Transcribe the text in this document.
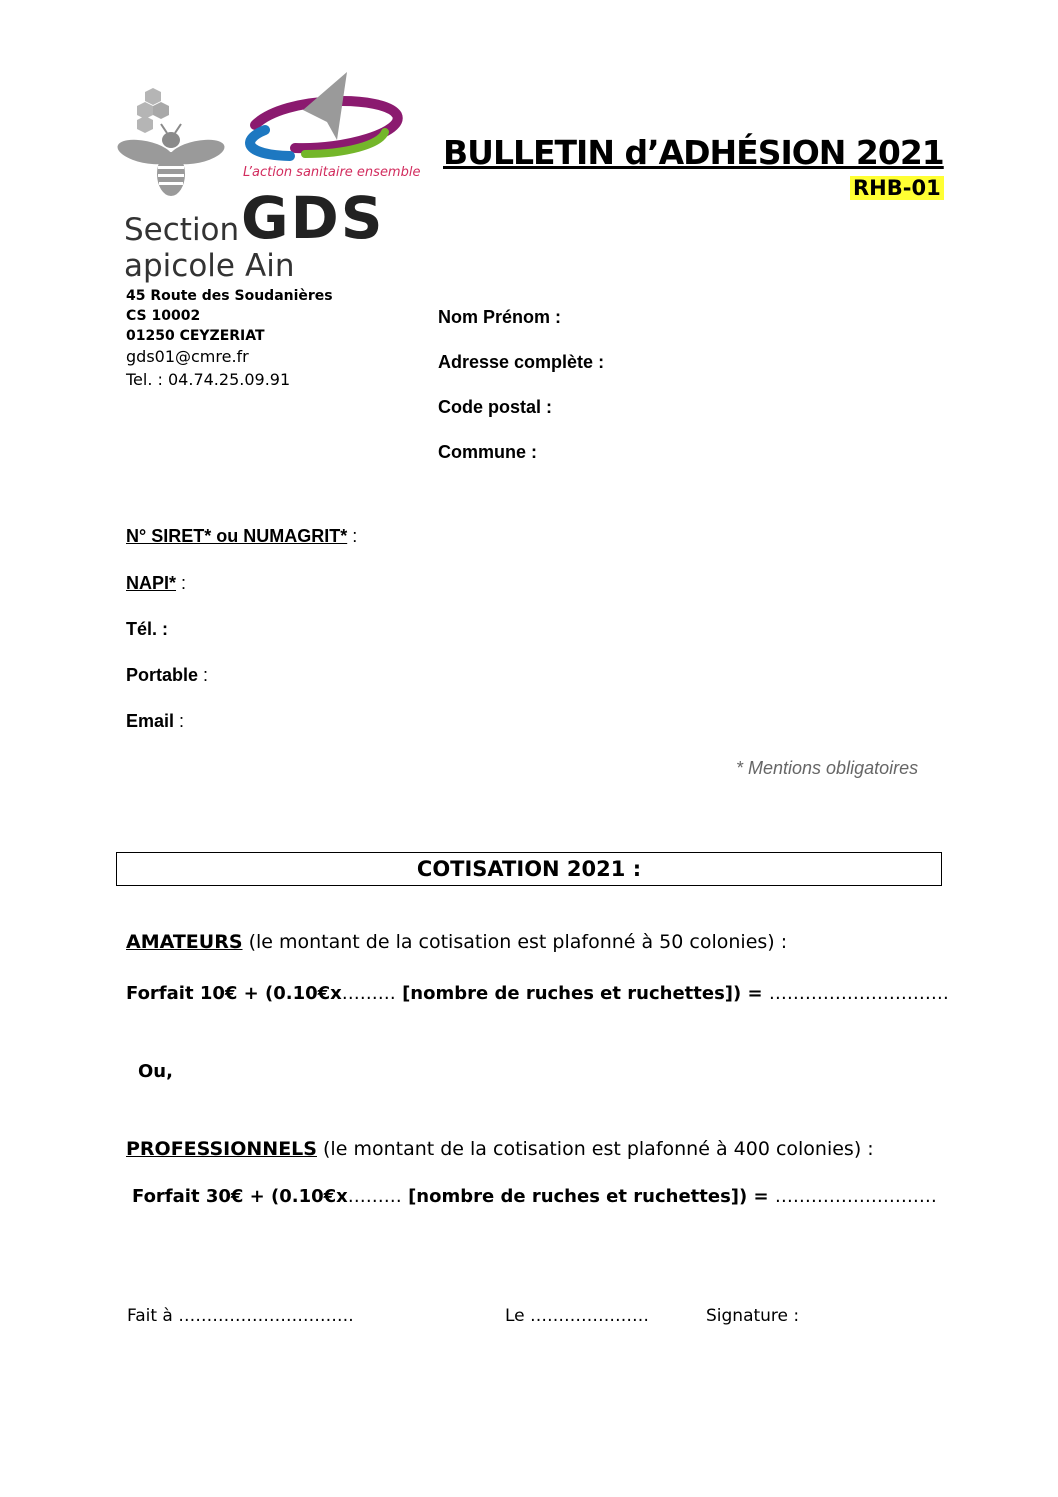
L’action sanitaire ensemble
GDS
Section
apicole Ain
45 Route des Soudanières
CS 10002
01250 CEYZERIAT
gds01@cmre.fr
Tel. : 04.74.25.09.91
BULLETIN d’ADHÉSION 2021
RHB-01
Nom Prénom :
Adresse complète :
Code postal :
Commune :
N° SIRET* ou NUMAGRIT* :
NAPI* :
Tél. :
Portable :
Email :
* Mentions obligatoires
COTISATION 2021 :
AMATEURS (le montant de la cotisation est plafonné à 50 colonies) :
Forfait 10€ + (0.10€x……… [nombre de ruches et ruchettes]) = …………………………
Ou,
PROFESSIONNELS (le montant de la cotisation est plafonné à 400 colonies) :
Forfait 30€ + (0.10€x……… [nombre de ruches et ruchettes]) = ………………………
Fait à ………………………….	Le …………………	Signature :
